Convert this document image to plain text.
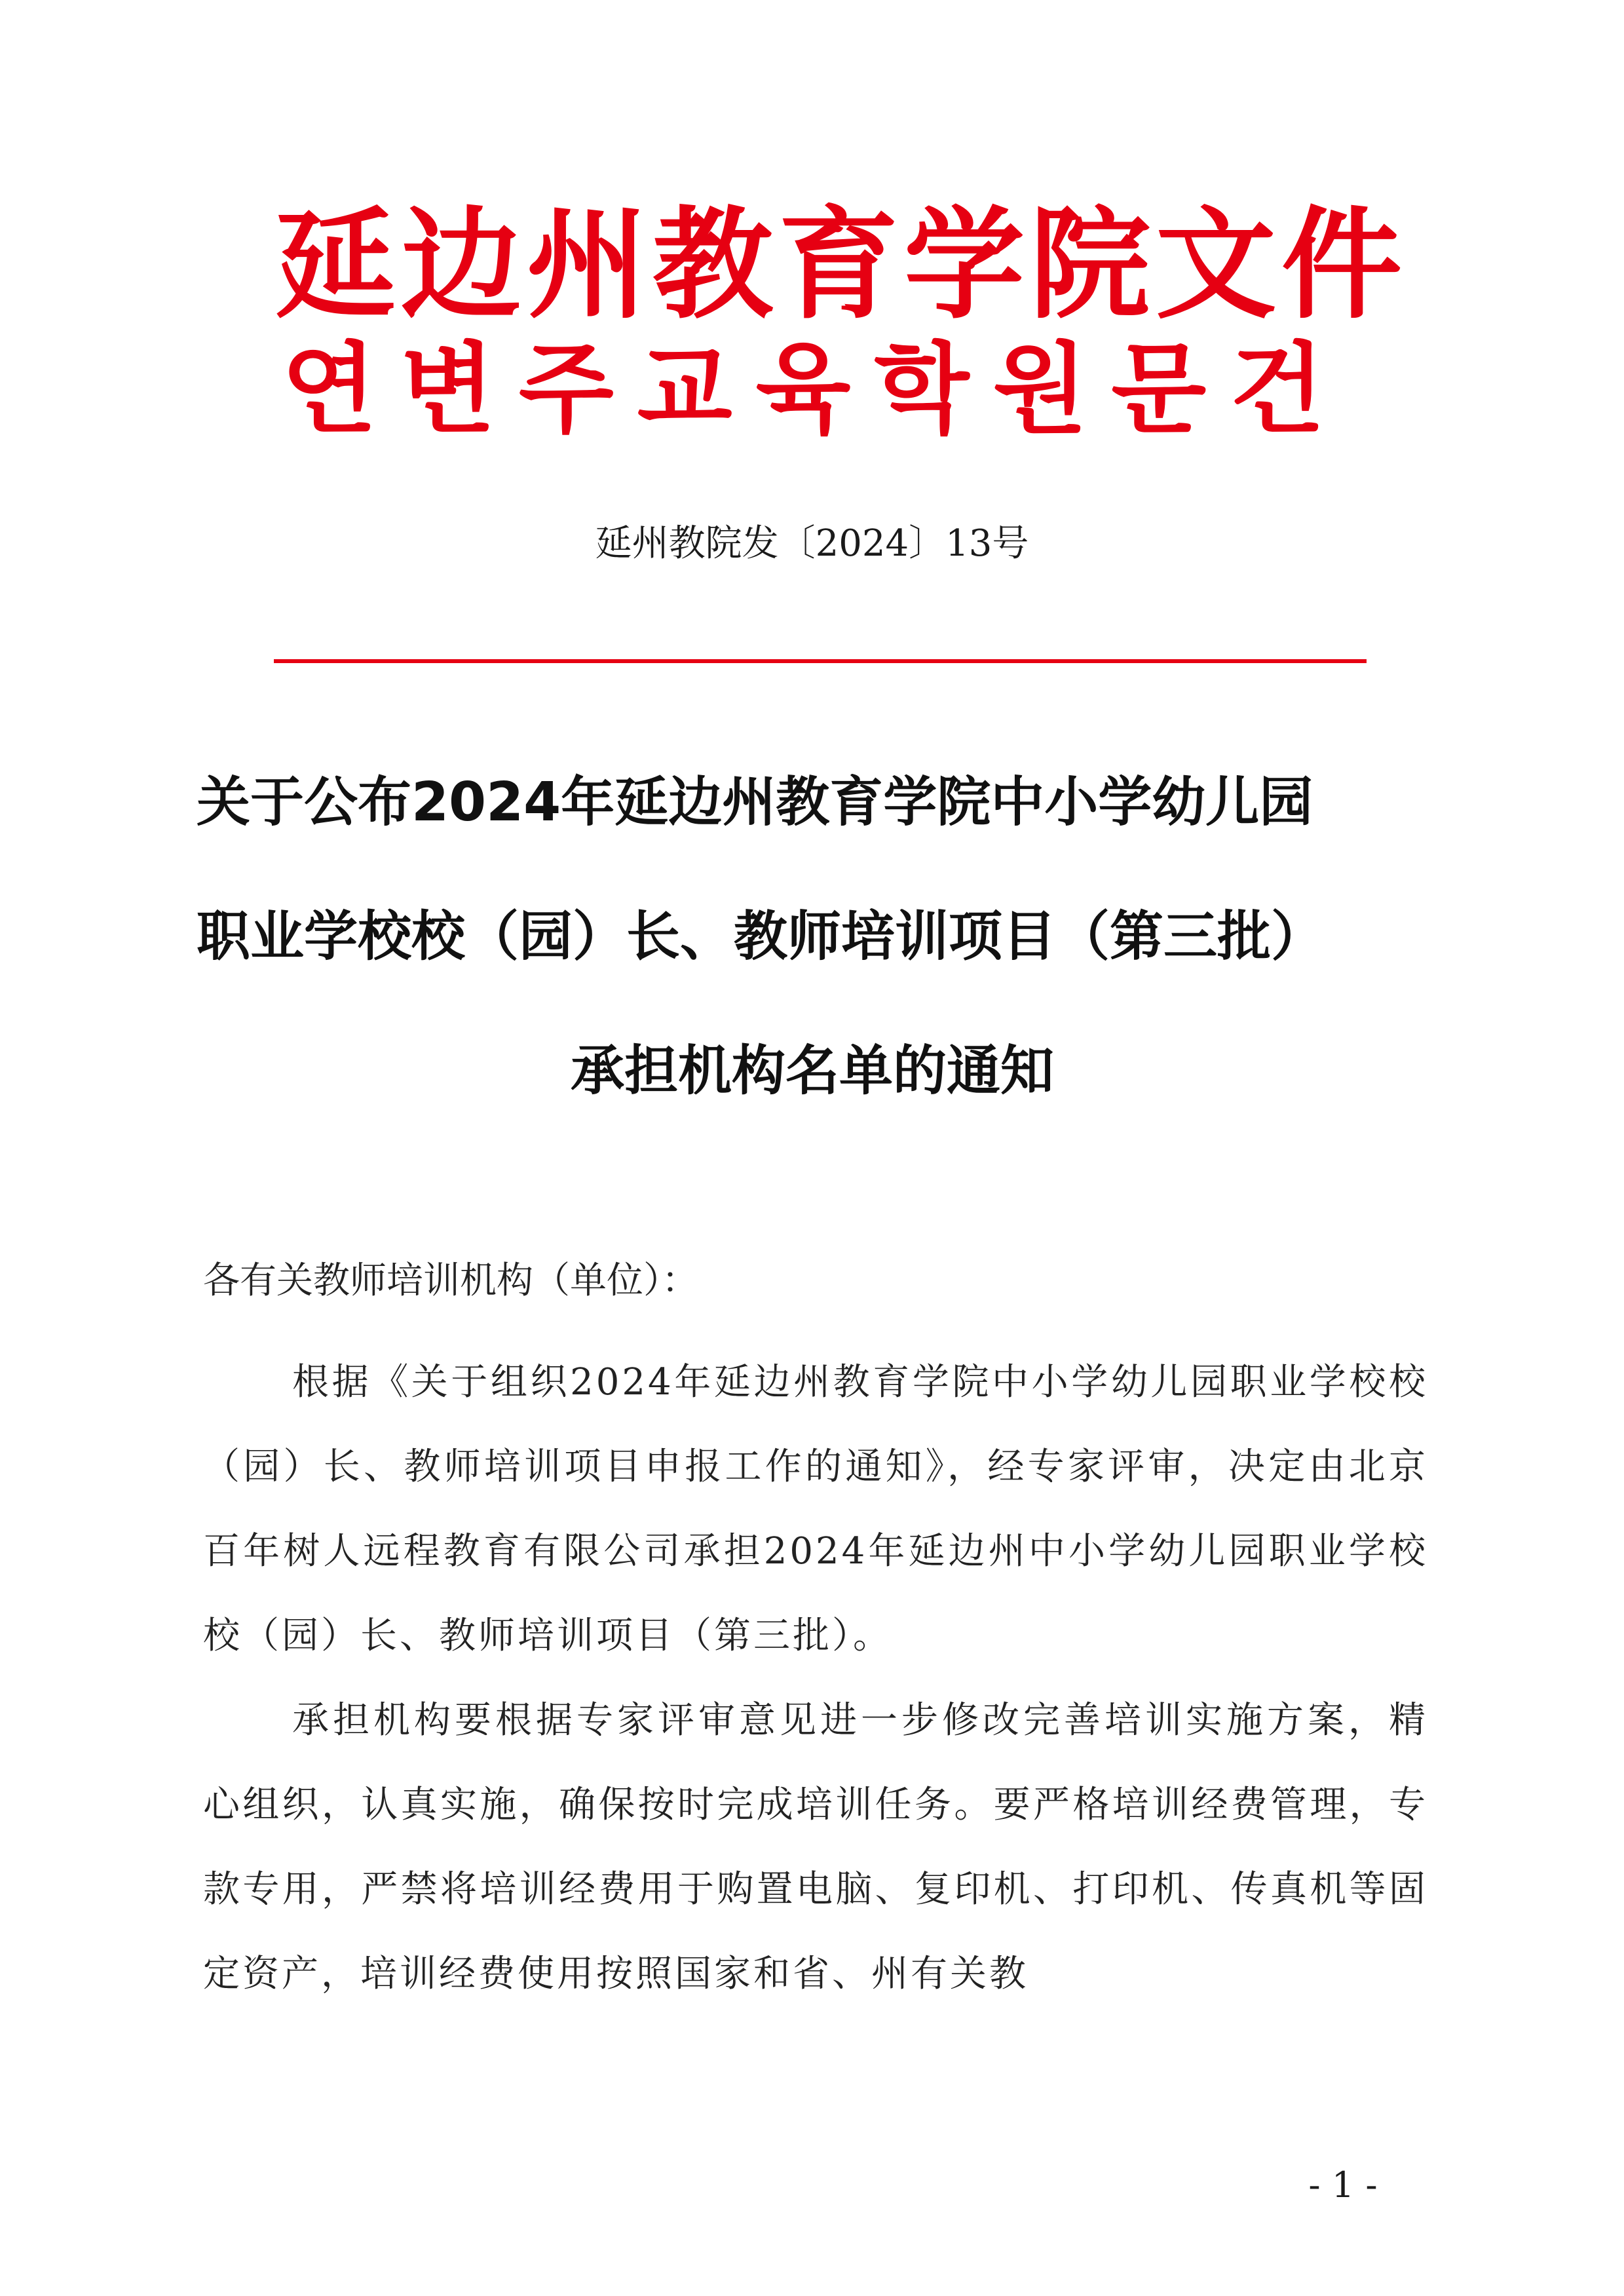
延边州教育学院文件
연변주교육학원문건
延州教院发〔2024〕13号
关于公布2024年延边州教育学院中小学幼儿园
职业学校校（园）长、教师培训项目（第三批）
承担机构名单的通知
各有关教师培训机构（单位）：

根据《关于组织2024年延边州教育学院中小学幼儿园职业学校校（园）长、教师培训项目申报工作的通知》，经专家评审，决定由北京百年树人远程教育有限公司承担2024年延边州中小学幼儿园职业学校校（园）长、教师培训项目（第三批）。

承担机构要根据专家评审意见进一步修改完善培训实施方案，精心组织，认真实施，确保按时完成培训任务。要严格培训经费管理，专款专用，严禁将培训经费用于购置电脑、复印机、打印机、传真机等固定资产，培训经费使用按照国家和省、州有关教

- 1 -
